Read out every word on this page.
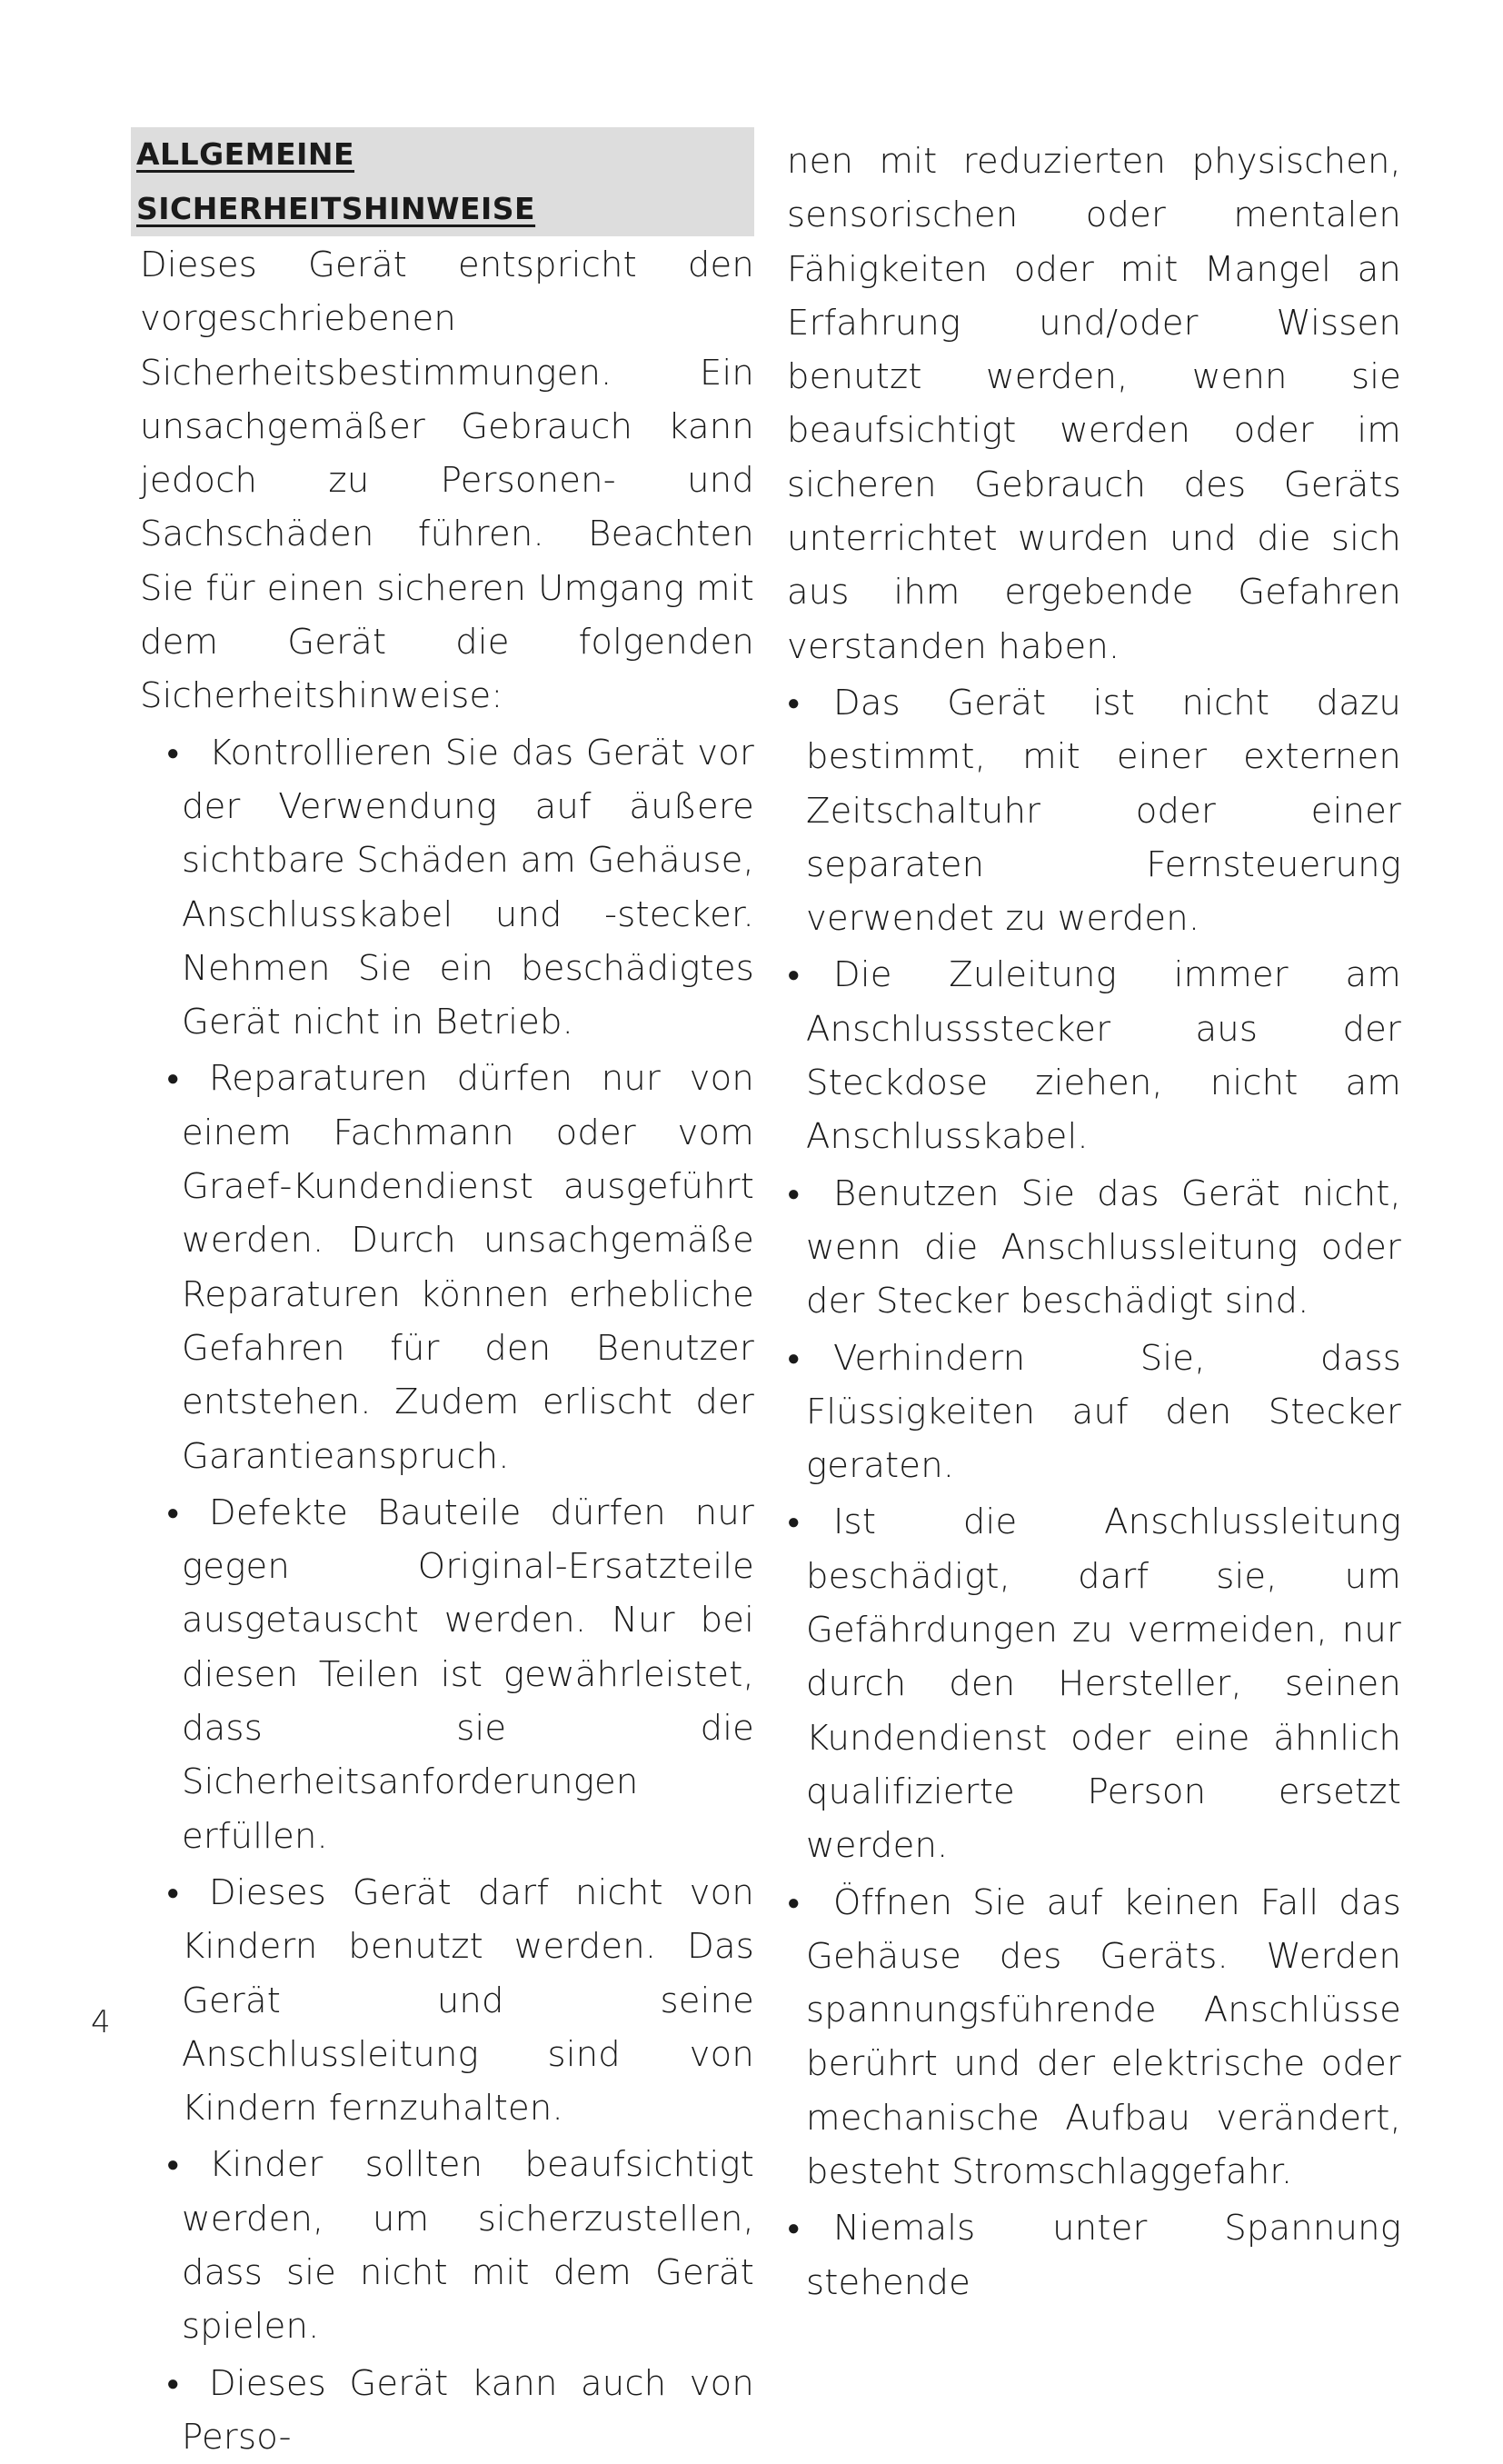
ALLGEMEINE SICHERHEITSHINWEISE

Dieses Gerät entspricht den vorgeschriebenen Sicherheitsbestimmungen. Ein unsachgemäßer Gebrauch kann jedoch zu Personen- und Sachschäden führen. Beachten Sie für einen sicheren Umgang mit dem Gerät die folgenden Sicherheitshinweise:

● Kontrollieren Sie das Gerät vor der Verwendung auf äußere sichtbare Schäden am Gehäuse, Anschlusskabel und -stecker. Nehmen Sie ein beschädigtes Gerät nicht in Betrieb.
● Reparaturen dürfen nur von einem Fachmann oder vom Graef-Kundendienst ausgeführt werden. Durch unsachgemäße Reparaturen können erhebliche Gefahren für den Benutzer entstehen. Zudem erlischt der Garantieanspruch.
● Defekte Bauteile dürfen nur gegen Original-Ersatzteile ausgetauscht werden. Nur bei diesen Teilen ist gewährleistet, dass sie die Sicherheitsanforderungen erfüllen.
● Dieses Gerät darf nicht von Kindern benutzt werden. Das Gerät und seine Anschlussleitung sind von Kindern fernzuhalten.
● Kinder sollten beaufsichtigt werden, um sicherzustellen, dass sie nicht mit dem Gerät spielen.
● Dieses Gerät kann auch von Perso-

nen mit reduzierten physischen, sensorischen oder mentalen Fähigkeiten oder mit Mangel an Erfahrung und/oder Wissen benutzt werden, wenn sie beaufsichtigt werden oder im sicheren Gebrauch des Geräts unterrichtet wurden und die sich aus ihm ergebende Gefahren verstanden haben.

● Das Gerät ist nicht dazu bestimmt, mit einer externen Zeitschaltuhr oder einer separaten Fernsteuerung verwendet zu werden.
● Die Zuleitung immer am Anschlussstecker aus der Steckdose ziehen, nicht am Anschlusskabel.
● Benutzen Sie das Gerät nicht, wenn die Anschlussleitung oder der Stecker beschädigt sind.
● Verhindern Sie, dass Flüssigkeiten auf den Stecker geraten.
● Ist die Anschlussleitung beschädigt, darf sie, um Gefährdungen zu vermeiden, nur durch den Hersteller, seinen Kundendienst oder eine ähnlich qualifizierte Person ersetzt werden.
● Öffnen Sie auf keinen Fall das Gehäuse des Geräts. Werden spannungsführende Anschlüsse berührt und der elektrische oder mechanische Aufbau verändert, besteht Stromschlaggefahr.
● Niemals unter Spannung stehende
4
